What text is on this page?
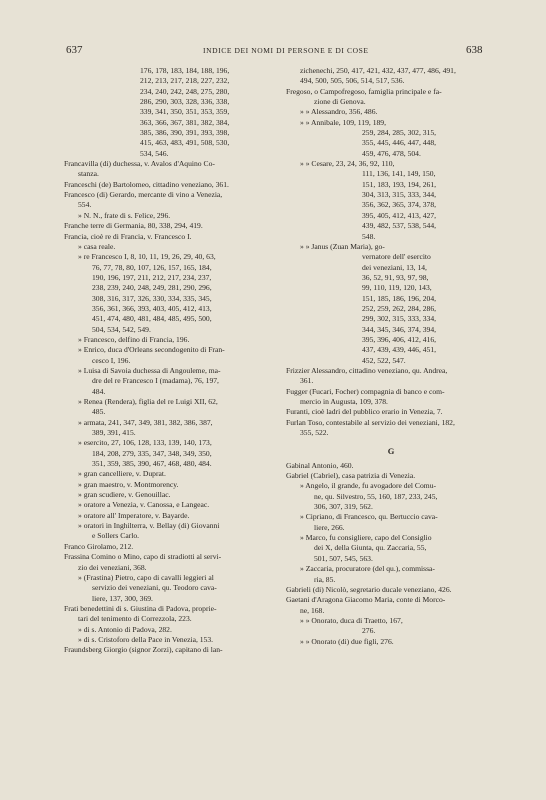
637	INDICE DEI NOMI DI PERSONE E DI COSE	638
176, 178, 183, 184, 188, 196,
212, 213, 217, 218, 227, 232,
234, 240, 242, 248, 275, 280,
286, 290, 303, 328, 336, 338,
339, 341, 350, 351, 353, 359,
363, 366, 367, 381, 382, 384,
385, 386, 390, 391, 393, 398,
415, 463, 483, 491, 508, 530,
534, 546.
Francavilla (di) duchessa, v. Avalos d'Aquino Co-
stanza.
Franceschi (de) Bartolomeo, cittadino veneziano, 361.
Francesco (di) Gerardo, mercante di vino a Venezia,
554.
» N. N., frate di s. Felice, 296.
Franche terre di Germania, 80, 338, 294, 419.
Francia, cioè re di Francia, v. Francesco I.
» casa reale.
» re Francesco I, 8, 10, 11, 19, 26, 29, 40, 63,
76, 77, 78, 80, 107, 126, 157, 165, 184,
190, 196, 197, 211, 212, 217, 234, 237,
238, 239, 240, 248, 249, 281, 290, 296,
308, 316, 317, 326, 330, 334, 335, 345,
356, 361, 366, 393, 403, 405, 412, 413,
451, 474, 480, 481, 484, 485, 495, 500,
504, 534, 542, 549.
» Francesco, delfino di Francia, 196.
» Enrico, duca d'Orleans secondogenito di Fran-
cesco I, 196.
» Luisa di Savoia duchessa di Angouleme, ma-
dre del re Francesco I (madama), 76, 197,
484.
» Renea (Rendera), figlia del re Luigi XII, 62,
485.
» armata, 241, 347, 349, 381, 382, 386, 387,
389, 391, 415.
» esercito, 27, 106, 128, 133, 139, 140, 173,
184, 208, 279, 335, 347, 348, 349, 350,
351, 359, 385, 390, 467, 468, 480, 484.
» gran cancelliere, v. Duprat.
» gran maestro, v. Montmorency.
» gran scudiere, v. Genouillac.
» oratore a Venezia, v. Canossa, e Langeac.
» oratore all' Imperatore, v. Bayarde.
» oratori in Inghilterra, v. Bellay (di) Giovanni
e Sollers Carlo.
Franco Girolamo, 212.
Frassina Comino o Mino, capo di stradiotti al servi-
zio dei veneziani, 368.
» (Frastina) Pietro, capo di cavalli leggieri al
servizio dei veneziani, qu. Teodoro cava-
liere, 137, 300, 369.
Frati benedettini di s. Giustina di Padova, proprie-
tari del tenimento di Correzzola, 223.
» di s. Antonio di Padova, 282.
» di s. Cristoforo della Pace in Venezia, 153.
Fraundsberg Giorgio (signor Zorzi), capitano di lan-
zichenechi, 250, 417, 421, 432, 437, 477, 486, 491,
494, 500, 505, 506, 514, 517, 536.
Fregoso, o Campofregoso, famiglia principale e fa-
zione di Genova.
» » Alessandro, 356, 486.
» » Annibale, 109, 119, 189,
259, 284, 285, 302, 315,
355, 445, 446, 447, 448,
459, 476, 478, 504.
» » Cesare, 23, 24, 36, 92, 110,
111, 136, 141, 149, 150,
151, 183, 193, 194, 261,
304, 313, 315, 333, 344,
356, 362, 365, 374, 378,
395, 405, 412, 413, 427,
439, 482, 537, 538, 544,
548.
» » Janus (Zuan Maria), go-
vernatore dell' esercito
dei veneziani, 13, 14,
36, 52, 91, 93, 97, 98,
99, 110, 119, 120, 143,
151, 185, 186, 196, 204,
252, 259, 262, 284, 286,
299, 302, 315, 333, 334,
344, 345, 346, 374, 394,
395, 396, 406, 412, 416,
437, 439, 439, 446, 451,
452, 522, 547.
Frizzier Alessandro, cittadino veneziano, qu. Andrea,
361.
Fugger (Fucari, Focher) compagnia di banco e com-
mercio in Augusta, 109, 378.
Furanti, cioè ladri del pubblico erario in Venezia, 7.
Furlan Toso, contestabile al servizio dei veneziani, 182,
355, 522.
G
Gabinal Antonio, 460.
Gabriel (Cabriel), casa patrizia di Venezia.
» Angelo, il grande, fu avogadore del Comu-
ne, qu. Silvestro, 55, 160, 187, 233, 245,
306, 307, 319, 562.
» Cipriano, di Francesco, qu. Bertuccio cava-
liere, 266.
» Marco, fu consigliere, capo del Consiglio
dei X, della Giunta, qu. Zaccaria, 55,
501, 507, 545, 563.
» Zaccaria, procuratore (del qu.), commissa-
ria, 85.
Gabrieli (di) Nicolò, segretario ducale veneziano, 426.
Gaetani d'Aragona Giacomo Maria, conte di Morco-
ne, 168.
» » Onorato, duca di Traetto, 167,
276.
» » Onorato (di) due figli, 276.
